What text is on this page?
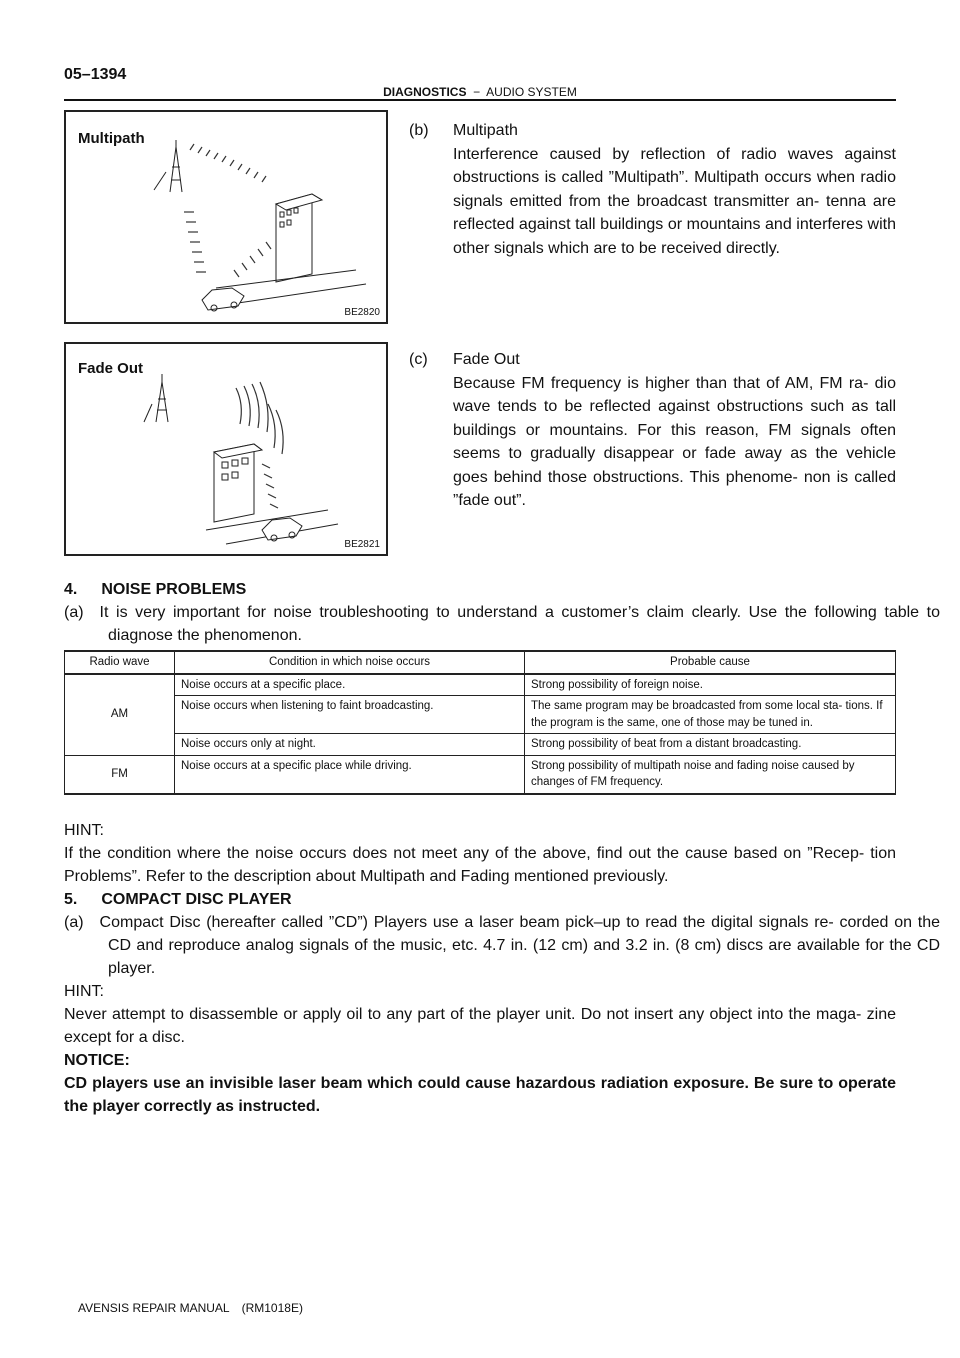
05–1394
DIAGNOSTICS − AUDIO SYSTEM
Multipath
BE2820
Fade Out
BE2821
(b) Multipath
Interference caused by reflection of radio waves against obstructions is called ”Multipath”. Multipath occurs when radio signals emitted from the broadcast transmitter an- tenna are reflected against tall buildings or mountains and interferes with other signals which are to be received directly.
(c) Fade Out
Because FM frequency is higher than that of AM, FM ra- dio wave tends to be reflected against obstructions such as tall buildings or mountains. For this reason, FM signals often seems to gradually disappear or fade away as the vehicle goes behind those obstructions. This phenome- non is called ”fade out”.
4.  NOISE PROBLEMS
(a) It is very important for noise troubleshooting to understand a customer’s claim clearly. Use the following table to diagnose the phenomenon.
Radio wave	Condition in which noise occurs	Probable cause
AM	Noise occurs at a specific place.	Strong possibility of foreign noise.
	Noise occurs when listening to faint broadcasting.	The same program may be broadcasted from some local sta- tions. If the program is the same, one of those may be tuned in.
	Noise occurs only at night.	Strong possibility of beat from a distant broadcasting.
FM	Noise occurs at a specific place while driving.	Strong possibility of multipath noise and fading noise caused by changes of FM frequency.
HINT:
If the condition where the noise occurs does not meet any of the above, find out the cause based on ”Recep- tion Problems”. Refer to the description about Multipath and Fading mentioned previously.
5.  COMPACT DISC PLAYER
(a) Compact Disc (hereafter called ”CD”) Players use a laser beam pick–up to read the digital signals re- corded on the CD and reproduce analog signals of the music, etc. 4.7 in. (12 cm) and 3.2 in. (8 cm) discs are available for the CD player.
HINT:
Never attempt to disassemble or apply oil to any part of the player unit. Do not insert any object into the maga- zine except for a disc.
NOTICE:
CD players use an invisible laser beam which could cause hazardous radiation exposure. Be sure to operate the player correctly as instructed.
AVENSIS REPAIR MANUAL (RM1018E)
